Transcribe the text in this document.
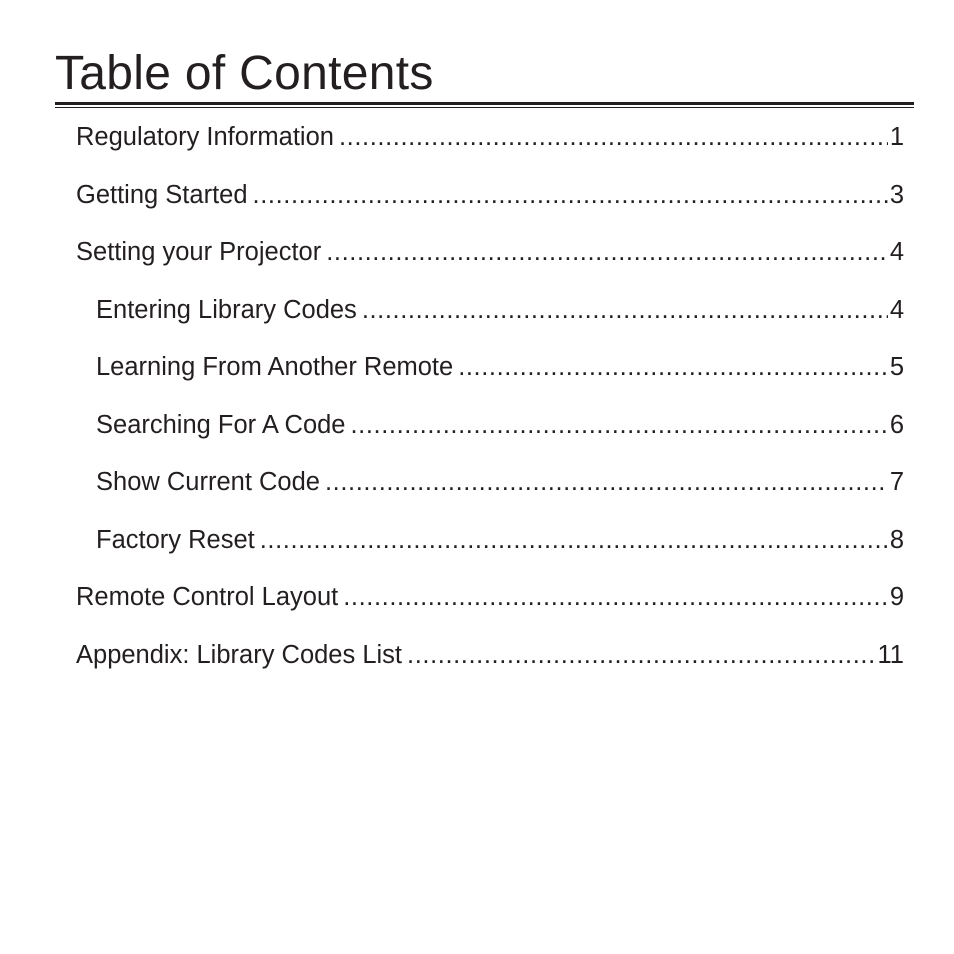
Table of Contents
Regulatory Information .....	1
Getting Started .....	3
Setting your Projector .....	4
Entering Library Codes .....	4
Learning From Another Remote .....	5
Searching For A Code .....	6
Show Current Code .....	7
Factory Reset .....	8
Remote Control Layout .....	9
Appendix: Library Codes List .....	11
